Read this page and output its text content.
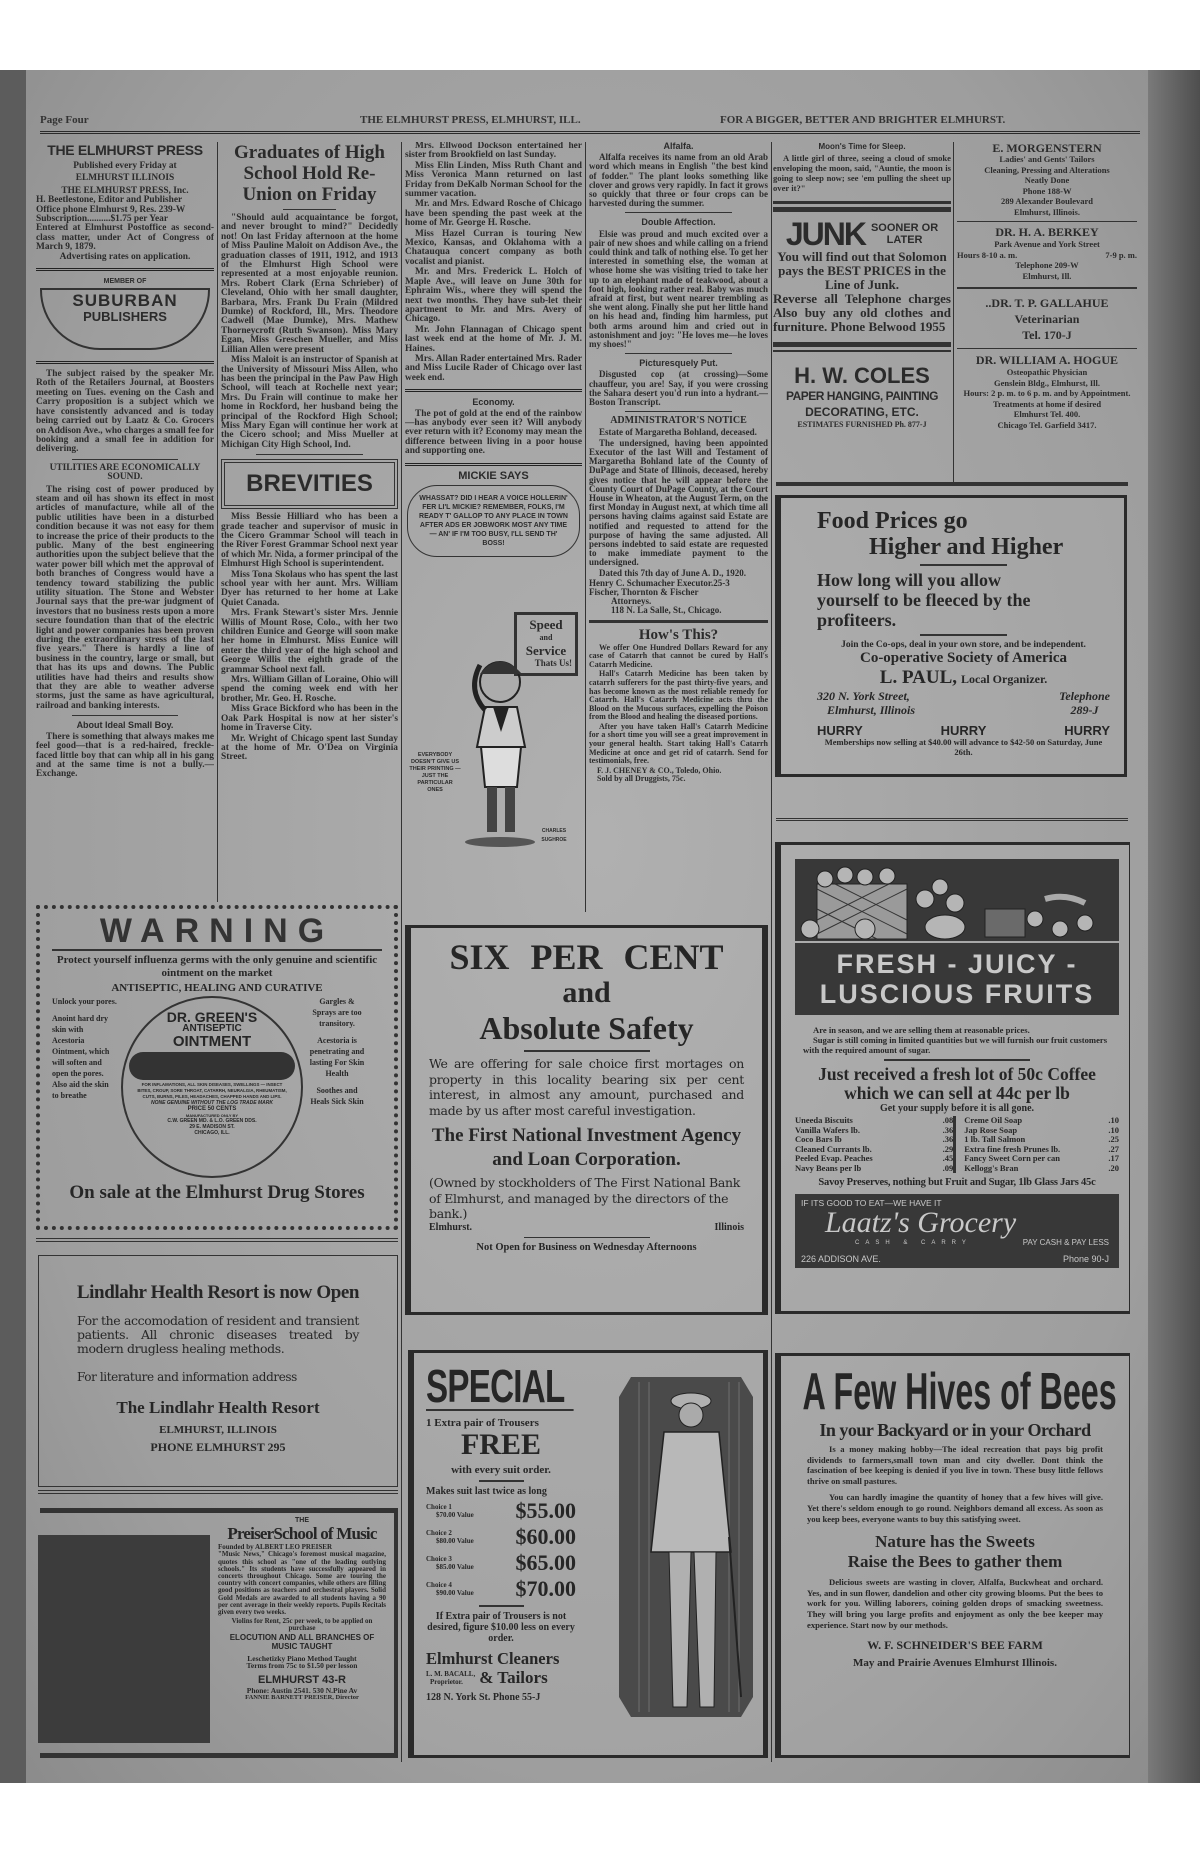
Page Four	THE ELMHURST PRESS, ELMHURST, ILL.	FOR A BIGGER, BETTER AND BRIGHTER ELMHURST.
THE ELMHURST PRESS
Published every Friday at
ELMHURST ILLINOIS
THE ELMHURST PRESS, Inc.
H. Beetlestone, Editor and Publisher
Office phone Elmhurst 9, Res. 239-W
Subscription..........$1.75 per Year
Entered at Elmhurst Postoffice as second-class matter, under Act of Congress of March 9, 1879.
Advertising rates on application.
MEMBER OF
SUBURBAN
PUBLISHERS

The subject raised by the speaker Mr. Roth of the Retailers Journal, at Boosters meeting on Tues. evening on the Cash and Carry proposition is a subject which we have consistently advanced and is today being carried out by Laatz & Co. Grocers on Addison Ave., who charges a small fee for booking and a small fee in addition for delivering.

UTILITIES ARE ECONOMICALLY SOUND.

The rising cost of power produced by steam and oil has shown its effect in most articles of manufacture, while all of the public utilities have been in a disturbed condition because it was not easy for them to increase the price of their products to the public. Many of the best engineering authorities upon the subject believe that the water power bill which met the approval of both branches of Congress would have a tendency toward stabilizing the public utility situation. The Stone and Webster Journal says that the pre-war judgment of investors that no business rests upon a more secure foundation than that of the electric light and power companies has been proven during the extraordinary stress of the last five years." There is hardly a line of business in the country, large or small, but that has its ups and downs. The Public utilities have had theirs and results show that they are able to weather adverse storms, just the same as have agricultural, railroad and banking interests.

About Ideal Small Boy.

There is something that always makes me feel good—that is a red-haired, freckle-faced little boy that can whip all in his gang and at the same time is not a bully.—Exchange.

Graduates of High School Hold Re-Union on Friday

"Should auld acquaintance be forgot, and never brought to mind?" Decidedly not! On last Friday afternoon at the home of Miss Pauline Maloit on Addison Ave., the graduation classes of 1911, 1912, and 1913 of the Elmhurst High School were represented at a most enjoyable reunion. Mrs. Robert Clark (Erna Schrieber) of Cleveland, Ohio with her small daughter, Barbara, Mrs. Frank Du Frain (Mildred Dumke) of Rockford, Ill., Mrs. Theodore Cadwell (Mae Dumke), Mrs. Mathew Thorneycroft (Ruth Swanson). Miss Mary Egan, Miss Greschen Mueller, and Miss Lillian Allen were present

Miss Maloit is an instructor of Spanish at the University of Missouri Miss Allen, who has been the principal in the Paw Paw High School, will teach at Rochelle next year; Mrs. Du Frain will continue to make her home in Rockford, her husband being the principal of the Rockford High School; Miss Mary Egan will continue her work at the Cicero school; and Miss Mueller at Michigan City High School, Ind.

BREVITIES

Miss Bessie Hilliard who has been a grade teacher and supervisor of music in the Cicero Grammar School will teach in the River Forest Grammar School next year of which Mr. Nida, a former principal of the Elmhurst High School is superintendent.

Miss Tona Skolaus who has spent the last school year with her aunt. Mrs. William Dyer has returned to her home at Lake Quiet Canada.

Mrs. Frank Stewart's sister Mrs. Jennie Willis of Mount Rose, Colo., with her two children Eunice and George will soon make her home in Elmhurst. Miss Eunice will enter the third year of the high school and George Willis the eighth grade of the grammar School next fall.

Mrs. William Gillan of Loraine, Ohio will spend the coming week end with her brother, Mr. Geo. H. Rosche.

Miss Grace Bickford who has been in the Oak Park Hospital is now at her sister's home in Traverse City.

Mr. Wright of Chicago spent last Sunday at the home of Mr. O'Dea on Virginia Street.

Mrs. Ellwood Dockson entertained her sister from Brookfield on last Sunday.

Miss Elin Linden, Miss Ruth Chant and Miss Veronica Mann returned on last Friday from DeKalb Norman School for the summer vacation.

Mr. and Mrs. Edward Rosche of Chicago have been spending the past week at the home of Mr. George H. Rosche.

Miss Hazel Curran is touring New Mexico, Kansas, and Oklahoma with a Chatauqua concert company as both vocalist and pianist.

Mr. and Mrs. Frederick L. Holch of Maple Ave., will leave on June 30th for Ephraim Wis., where they will spend the next two months. They have sub-let their apartment to Mr. and Mrs. Avery of Chicago.

Mr. John Flannagan of Chicago spent last week end at the home of Mr. J. M. Haines.

Mrs. Allan Rader entertained Mrs. Rader and Miss Lucile Rader of Chicago over last week end.

Economy.

The pot of gold at the end of the rainbow—has anybody ever seen it? Will anybody ever return with it? Economy may mean the difference between living in a poor house and supporting one.

MICKIE SAYS
WHASSAT? DID I HEAR A VOICE HOLLERIN' FER LI'L MICKIE? REMEMBER, FOLKS, I'M READY T' GALLOP TO ANY PLACE IN TOWN AFTER ADS ER JOBWORK MOST ANY TIME — AN' IF I'M TOO BUSY, I'LL SEND TH' BOSS!
Speed
and
Service
Thats Us!
EVERYBODY DOESN'T GIVE US THEIR PRINTING — JUST THE PARTICULAR ONES
CHARLES SUGHROE
Alfalfa.

Alfalfa receives its name from an old Arab word which means in English "the best kind of fodder." The plant looks something like clover and grows very rapidly. In fact it grows so quickly that three or four crops can be harvested during the summer.

Double Affection.

Elsie was proud and much excited over a pair of new shoes and while calling on a friend could think and talk of nothing else. To get her interested in something else, the woman at whose home she was visiting tried to take her up to an elephant made of teakwood, about a foot high, looking rather real. Baby was much afraid at first, but went nearer trembling as she went along. Finally she put her little hand on his head and, finding him harmless, put both arms around him and cried out in astonishment and joy: "He loves me—he loves my shoes!"

Picturesquely Put.

Disgusted cop (at crossing)—Some chauffeur, you are! Say, if you were crossing the Sahara desert you'd run into a hydrant.—Boston Transcript.

ADMINISTRATOR'S NOTICE

Estate of Margaretha Bohland, deceased.

The undersigned, having been appointed Executor of the last Will and Testament of Margaretha Bohland late of the County of DuPage and State of Illinois, deceased, hereby gives notice that he will appear before the County Court of DuPage County, at the Court House in Wheaton, at the August Term, on the first Monday in August next, at which time all persons having claims against said Estate are notified and requested to attend for the purpose of having the same adjusted. All persons indebted to said estate are requested to make immediate payment to the undersigned.

Dated this 7th day of June A. D., 1920.

Henry C. Schumacher Executor.25-3
Fischer, Thornton & Fischer
Attorneys.
118 N. La Salle, St., Chicago.
How's This?

We offer One Hundred Dollars Reward for any case of Catarrh that cannot be cured by Hall's Catarrh Medicine.

Hall's Catarrh Medicine has been taken by catarrh sufferers for the past thirty-five years, and has become known as the most reliable remedy for Catarrh. Hall's Catarrh Medicine acts thru the Blood on the Mucous surfaces, expelling the Poison from the Blood and healing the diseased portions.

After you have taken Hall's Catarrh Medicine for a short time you will see a great improvement in your general health. Start taking Hall's Catarrh Medicine at once and get rid of catarrh. Send for testimonials, free.

F. J. CHENEY & CO., Toledo, Ohio.
Sold by all Druggists, 75c.
Moon's Time for Sleep.

A little girl of three, seeing a cloud of smoke enveloping the moon, said, "Auntie, the moon is going to sleep now; see 'em pulling the sheet up over it?"

JUNK SOONER OR
LATER
You will find out that Solomon pays the BEST PRICES in the Line of Junk.
Reverse all Telephone charges Also buy any old clothes and furniture. Phone Belwood 1955
H. W. COLES
PAPER HANGING, PAINTING
DECORATING, ETC.
ESTIMATES FURNISHED Ph. 877-J
E. MORGENSTERN
Ladies' and Gents' Tailors
Cleaning, Pressing and Alterations
Neatly Done
Phone 188-W
289 Alexander Boulevard
Elmhurst, Illinois.
DR. H. A. BERKEY
Park Avenue and York Street
Hours 8-10 a. m.	7-9 p. m.
Telephone 209-W
Elmhurst, Ill.
..DR. T. P. GALLAHUE
Veterinarian
Tel. 170-J
DR. WILLIAM A. HOGUE
Osteopathic Physician
Genslein Bldg., Elmhurst, Ill.
Hours: 2 p. m. to 6 p. m. and by Appointment.
Treatments at home if desired
Elmhurst Tel. 400.
Chicago Tel. Garfield 3417.
Food Prices go
Higher and Higher
How long will you allow yourself to be fleeced by the profiteers.
Join the Co-ops, deal in your own store, and be independent.
Co-operative Society of America
L. PAUL, Local Organizer.
320 N. York Street,
Elmhurst, Illinois
Telephone
289-J
HURRY	HURRY	HURRY
Memberships now selling at $40.00 will advance to $42-50 on Saturday, June 26th.
FRESH - JUICY -
LUSCIOUS FRUITS
Are in season, and we are selling them at reasonable prices.
Sugar is still coming in limited quantities but we will furnish our fruit customers with the required amount of sugar.
Just received a fresh lot of 50c Coffee which we can sell at 44c per lb
Get your supply before it is all gone.
Uneeda Biscuits	.08
Vanilla Wafers lb.	.36
Coco Bars lb	.36
Cleaned Currants lb.	.29
Peeled Evap. Peaches	.45
Navy Beans per lb	.09
Creme Oil Soap	.10
Jap Rose Soap	.10
1 lb. Tall Salmon	.25
Extra fine fresh Prunes lb.	.27
Fancy Sweet Corn per can	.17
Kellogg's Bran	.20
Savoy Preserves, nothing but Fruit and Sugar, 1lb Glass Jars 45c
IF ITS GOOD TO EAT—WE HAVE IT
Laatz's Grocery
CASH & CARRY	PAY CASH & PAY LESS
226 ADDISON AVE.	Phone 90-J
WARNING
Protect yourself influenza germs with the only genuine and scientific ointment on the market
ANTISEPTIC, HEALING AND CURATIVE
Unlock your pores.
Anoint hard dry skin with Acestoria Ointment, which will soften and open the pores.
Also aid the skin to breathe
DR. GREEN'S
ANTISEPTIC
OINTMENT
FOR INFLAMATIONS, ALL SKIN DISEASES, SWELLINGS — INSECT BITES, CROUP, SORE THROAT, CATARRH, NEURALGIA, RHEUMATISM, CUTS, BURNS, PILES, HEADACHES, CHAPPED HANDS AND LIPS.
NONE GENUINE WITHOUT THE LOG TRADE MARK
PRICE 50 CENTS
MANUFACTURED ONLY BY
C.W. GREEN MD. & L.O. GREEN DDS.
29 E. MADISON ST.
CHICAGO, ILL.
Gargles & Sprays are too transitory.
Acestoria is penetrating and lasting For Skin Health
Soothes and Heals Sick Skin
On sale at the Elmhurst Drug Stores
SIX PER CENT
and
Absolute Safety
We are offering for sale choice first mortages on property in this locality bearing six per cent interest, in almost any amount, purchased and made by us after most careful investigation.
The First National Investment Agency and Loan Corporation.
(Owned by stockholders of The First National Bank of Elmhurst, and managed by the directors of the bank.)
Elmhurst.	Illinois
Not Open for Business on Wednesday Afternoons
Lindlahr Health Resort is now Open
For the accomodation of resident and transient patients. All chronic diseases treated by modern drugless healing methods.
For literature and information address
The Lindlahr Health Resort
ELMHURST, ILLINOIS
PHONE ELMHURST 295
THE
PreiserSchool of Music
Founded by ALBERT LEO PREISER
"Music News," Chicago's foremost musical magazine, quotes this school as "one of the leading outlying schools." Its students have successfully appeared in concerts throughout Chicago. Some are touring the country with concert companies, while others are filling good positions as teachers and orchestral players. Solid Gold Medals are awarded to all students having a 90 per cent average in their weekly reports. Pupils Recitals given every two weeks.
Violins for Rent, 25c per week, to be applied on purchase
ELOCUTION AND ALL BRANCHES OF MUSIC TAUGHT
Leschetizky Piano Method Taught
Terms from 75c to $1.50 per lesson
ELMHURST 43-R
Phone: Austin 2541. 530 N.Pine Av
FANNIE BARNETT PREISER, Director
SPECIAL
1 Extra pair of Trousers
FREE
with every suit order.
Makes suit last twice as long
Choice 1
$70.00 Value $55.00
Choice 2
$80.00 Value $60.00
Choice 3
$85.00 Value $65.00
Choice 4
$90.00 Value $70.00
If Extra pair of Trousers is not desired, figure $10.00 less on every order.
Elmhurst Cleaners
L. M. BACALL,
Proprietor. & Tailors
128 N. York St. Phone 55-J
A Few Hives of Bees
In your Backyard or in your Orchard
Is a money making hobby—The ideal recreation that pays big profit dividends to farmers,small town man and city dweller. Dont think the fascination of bee keeping is denied if you live in town. These busy little fellows thrive on small pastures.
You can hardly imagine the quantity of honey that a few hives will give. Yet there's seldom enough to go round. Neighbors demand all excess. As soon as you keep bees, everyone wants to buy this satisfying sweet.
Nature has the Sweets
Raise the Bees to gather them
Delicious sweets are wasting in clover, Alfalfa, Buckwheat and orchard. Yes, and in sun flower, dandelion and other city growing blooms. Put the bees to work for you. Willing laborers, coining golden drops of smacking sweetness. They will bring you large profits and enjoyment as only the bee keeper may experience. Start now by our methods.
W. F. SCHNEIDER'S BEE FARM
May and Prairie Avenues Elmhurst Illinois.
